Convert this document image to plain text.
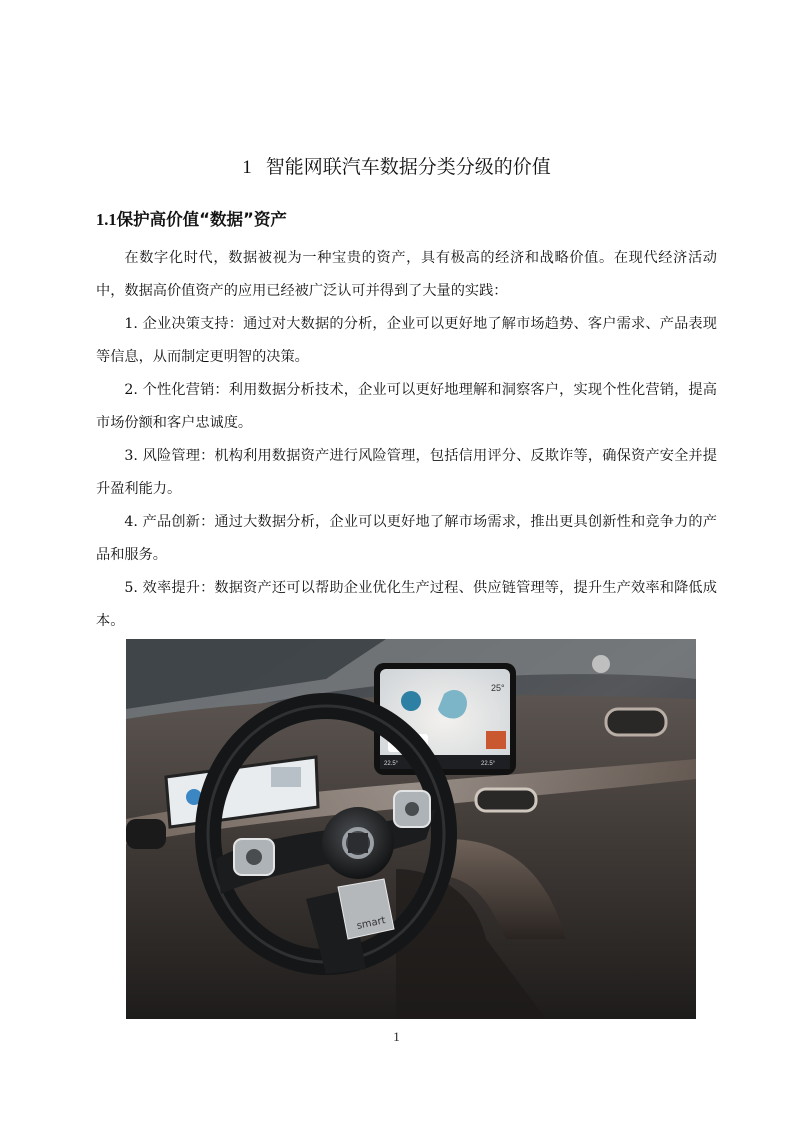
1 智能网联汽车数据分类分级的价值
1.1保护高价值“数据”资产

在数字化时代，数据被视为一种宝贵的资产，具有极高的经济和战略价值。在现代经济活动中，数据高价值资产的应用已经被广泛认可并得到了大量的实践：

1. 企业决策支持：通过对大数据的分析，企业可以更好地了解市场趋势、客户需求、产品表现等信息，从而制定更明智的决策。

2. 个性化营销：利用数据分析技术，企业可以更好地理解和洞察客户，实现个性化营销，提高市场份额和客户忠诚度。

3. 风险管理：机构利用数据资产进行风险管理，包括信用评分、反欺诈等，确保资产安全并提升盈利能力。

4. 产品创新：通过大数据分析，企业可以更好地了解市场需求，推出更具创新性和竞争力的产品和服务。

5. 效率提升：数据资产还可以帮助企业优化生产过程、供应链管理等，提升生产效率和降低成本。

25°
22.5°	22.5°
smart
1
